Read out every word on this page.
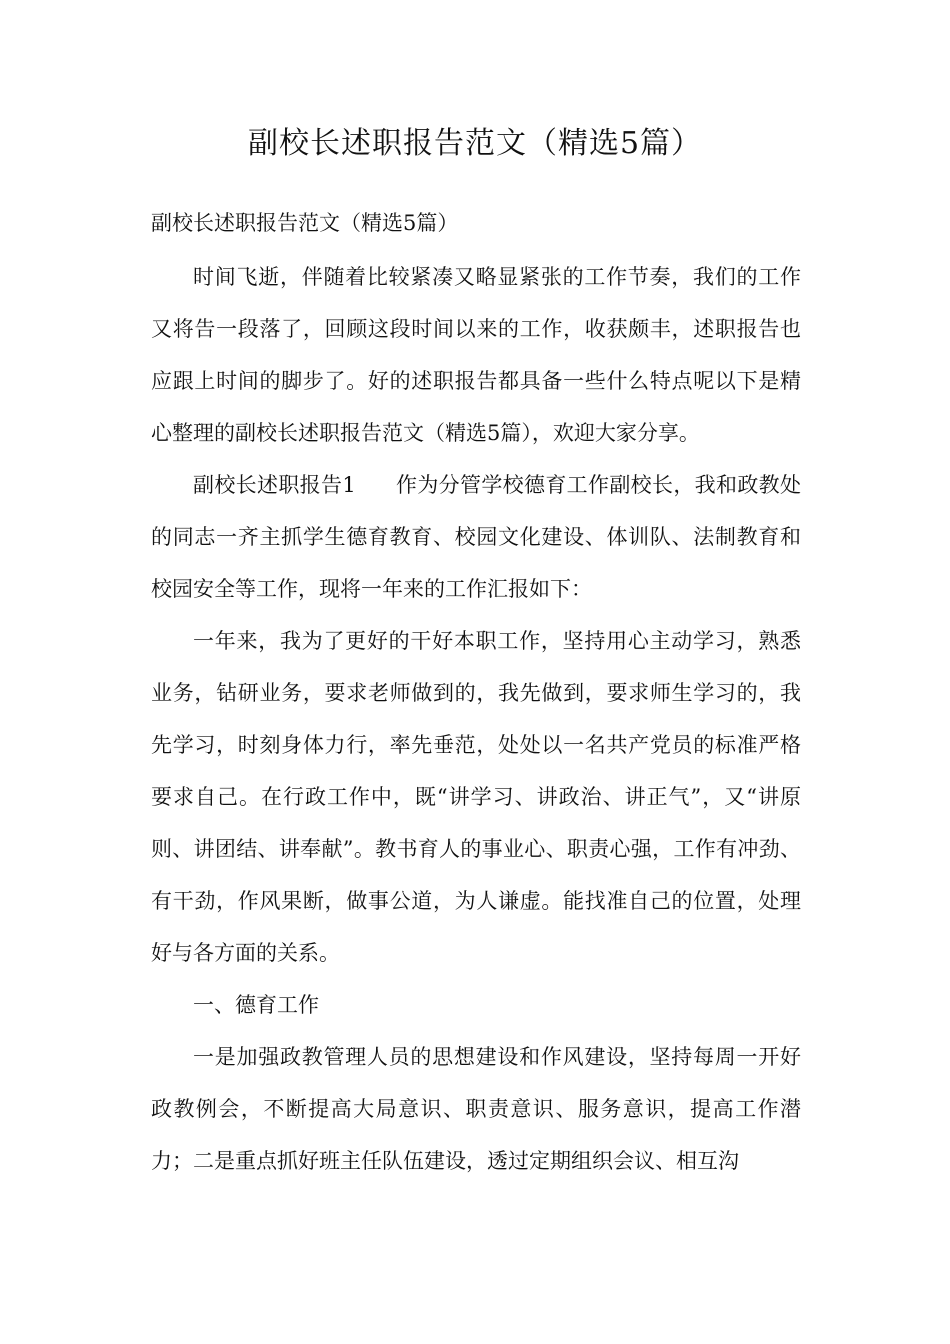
副校长述职报告范文（精选5篇）

副校长述职报告范文（精选5篇）

时间飞逝，伴随着比较紧凑又略显紧张的工作节奏，我们的工作又将告一段落了，回顾这段时间以来的工作，收获颇丰，述职报告也应跟上时间的脚步了。好的述职报告都具备一些什么特点呢以下是精心整理的副校长述职报告范文（精选5篇），欢迎大家分享。

副校长述职报告1 作为分管学校德育工作副校长，我和政教处的同志一齐主抓学生德育教育、校园文化建设、体训队、法制教育和校园安全等工作，现将一年来的工作汇报如下：

一年来，我为了更好的干好本职工作，坚持用心主动学习，熟悉业务，钻研业务，要求老师做到的，我先做到，要求师生学习的，我先学习，时刻身体力行，率先垂范，处处以一名共产党员的标准严格要求自己。在行政工作中，既“讲学习、讲政治、讲正气”，又“讲原则、讲团结、讲奉献”。教书育人的事业心、职责心强，工作有冲劲、有干劲，作风果断，做事公道，为人谦虚。能找准自己的位置，处理好与各方面的关系。

一、德育工作

一是加强政教管理人员的思想建设和作风建设，坚持每周一开好政教例会，不断提高大局意识、职责意识、服务意识，提高工作潜力；二是重点抓好班主任队伍建设，透过定期组织会议、相互沟
